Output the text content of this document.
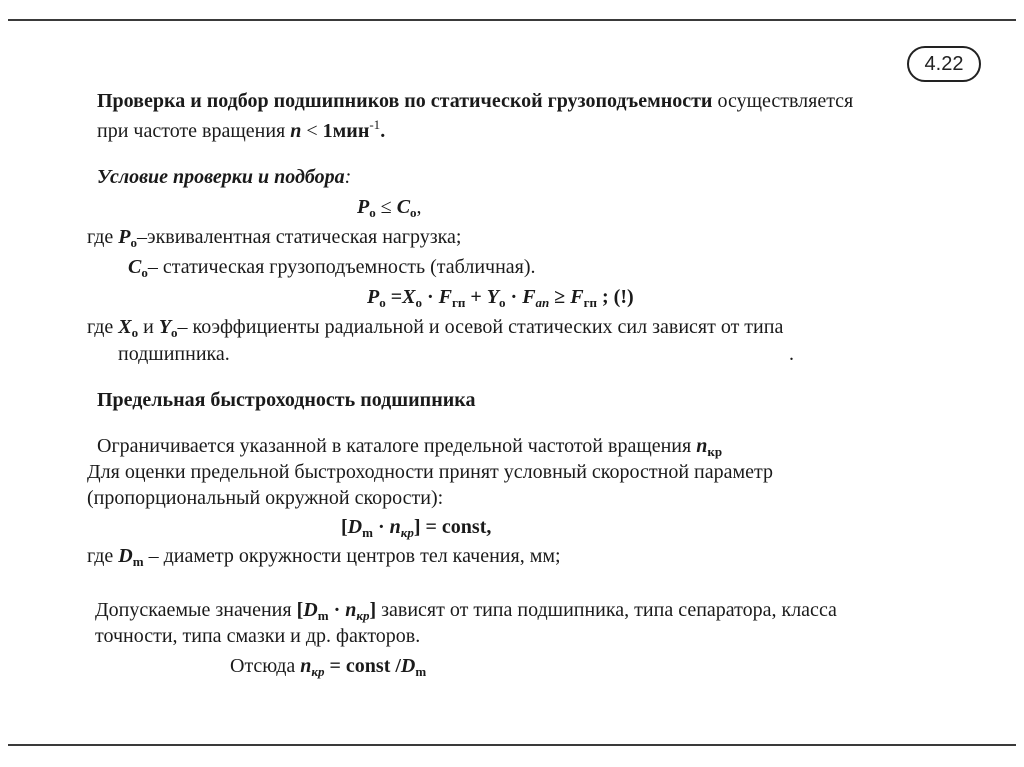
4.22
Проверка и подбор подшипников по статической грузоподъемности осуществляется
при частоте вращения n < 1мин$^{-1}$.
Условие проверки и подбора:
$P_о \le C_о$,
где $P_о$–эквивалентная статическая нагрузка;
$C_о-$ статическая грузоподъемность (табличная).
$P_о =X_о \cdot F_{гп} + Y_о \cdot F_{ап} \ge F_{гп}$ ; (!)
где $X_о$ и $Y_о-$ коэффициенты радиальной и осевой статических сил зависят от типа
подшипника.	.
Предельная быстроходность подшипника
Ограничивается указанной в каталоге предельной частотой вращения $n_{кр}$
Для оценки предельной быстроходности принят условный скоростной параметр
(пропорциональный окружной скорости):
$[D_m \cdot n_{кр}]$ = const,
где $D_m$ – диаметр окружности центров тел качения, мм;
Допускаемые значения $[D_m \cdot n_{кр}]$ зависят от типа подшипника, типа сепаратора, класса
точности, типа смазки и др. факторов.
Отсюда $n_{кр}$ = const $/D_m$
